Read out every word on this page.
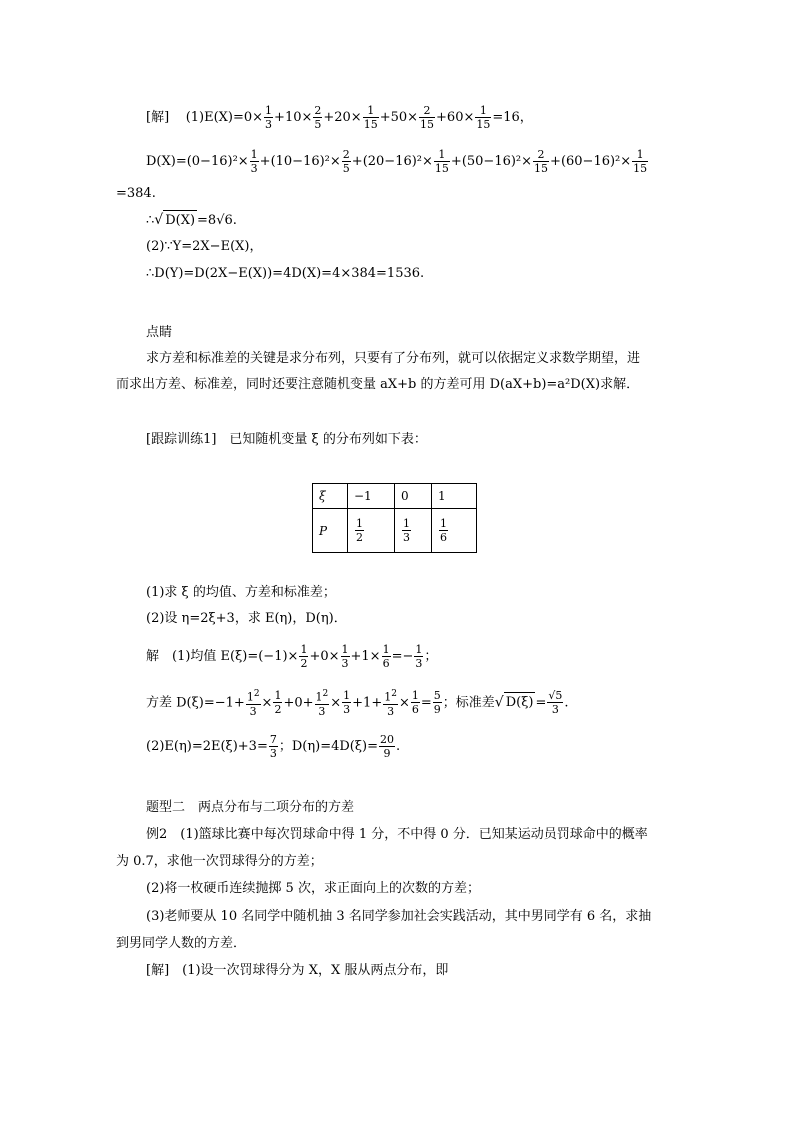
[解] $(1)E(X)=0\times \frac{1}{3} +10\times \frac{2}{5} +20\times \frac{1}{15} +50\times \frac{2}{15} +60\times \frac{1}{15} =16$，
$D(X)=(0-16)^2\times \frac{1}{3} +(10-16)^2\times \frac{2}{5} +(20-16)^2\times \frac{1}{15} +(50-16)^2\times \frac{2}{15} +(60-16)^2\times \frac{1}{15}$
=384.
∴√ D(X) =8√6.
(2)∵Y=2X−E(X)，
∴D(Y)=D(2X−E(X))=4D(X)=4×384=1536.
点睛
求方差和标准差的关键是求分布列，只要有了分布列，就可以依据定义求数学期望，进
而求出方差、标准差，同时还要注意随机变量 aX+b 的方差可用 D(aX+b)=a²D(X)求解．
[跟踪训练1]　已知随机变量 ξ 的分布列如下表：
ξ	−1	0	1
P	$\frac{1}{2}$	$\frac{1}{3}$	$\frac{1}{6}$
(1)求 ξ 的均值、方差和标准差；
(2)设 η=2ξ+3，求 E(η)，D(η)．
解　(1)均值 $E(\xi)=(-1)\times \frac{1}{2} +0\times \frac{1}{3} +1\times \frac{1}{6} =- \frac{1}{3}$ ；
方差 $D(\xi)=-1+ \frac{1^2}{3} \times \frac{1}{2} +0+ \frac{1^2}{3} \times \frac{1}{3} +1+ \frac{1^2}{3} \times \frac{1}{6} = \frac{5}{9}$ ；标准差√ $D(\xi) = \frac{√5}{3}$ .
$(2)E(\eta)=2E(\xi)+3= \frac{7}{3}$ ；$D(\eta)=4D(\xi)= \frac{20}{9}$ .
题型二　两点分布与二项分布的方差
例2　(1)篮球比赛中每次罚球命中得 1 分，不中得 0 分．已知某运动员罚球命中的概率
为 0.7，求他一次罚球得分的方差；
(2)将一枚硬币连续抛掷 5 次，求正面向上的次数的方差；
(3)老师要从 10 名同学中随机抽 3 名同学参加社会实践活动，其中男同学有 6 名，求抽
到男同学人数的方差．
[解]　(1)设一次罚球得分为 X，X 服从两点分布，即
